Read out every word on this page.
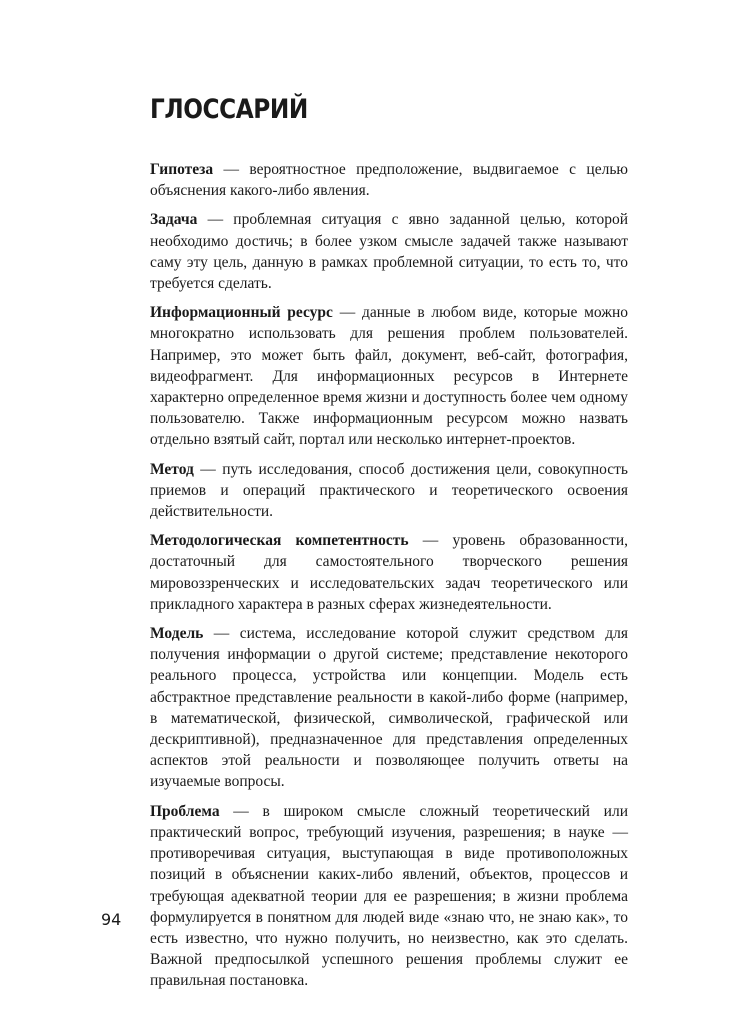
ГЛОССАРИЙ

Гипотеза — вероятностное предположение, выдвигаемое с целью объяснения какого-либо явления.

Задача — проблемная ситуация с явно заданной целью, которой необходимо достичь; в более узком смысле задачей также называют саму эту цель, данную в рамках проблемной ситуации, то есть то, что требуется сделать.

Информационный ресурс — данные в любом виде, которые можно многократно использовать для решения проблем пользователей. Например, это может быть файл, документ, веб-сайт, фотография, видеофрагмент. Для информационных ресурсов в Интернете характерно определенное время жизни и доступность более чем одному пользователю. Также информационным ресурсом можно назвать отдельно взятый сайт, портал или несколько интернет-проектов.

Метод — путь исследования, способ достижения цели, совокупность приемов и операций практического и теоретического освоения действительности.

Методологическая компетентность — уровень образованности, достаточный для самостоятельного творческого решения мировоззренческих и исследовательских задач теоретического или прикладного характера в разных сферах жизнедеятельности.

Модель — система, исследование которой служит средством для получения информации о другой системе; представление некоторого реального процесса, устройства или концепции. Модель есть абстрактное представление реальности в какой-либо форме (например, в математической, физической, символической, графической или дескриптивной), предназначенное для представления определенных аспектов этой реальности и позволяющее получить ответы на изучаемые вопросы.

Проблема — в широком смысле сложный теоретический или практический вопрос, требующий изучения, разрешения; в науке — противоречивая ситуация, выступающая в виде противоположных позиций в объяснении каких-либо явлений, объектов, процессов и требующая адекватной теории для ее разрешения; в жизни проблема формулируется в понятном для людей виде «знаю что, не знаю как», то есть известно, что нужно получить, но неизвестно, как это сделать. Важной предпосылкой успешного решения проблемы служит ее правильная постановка.

94
